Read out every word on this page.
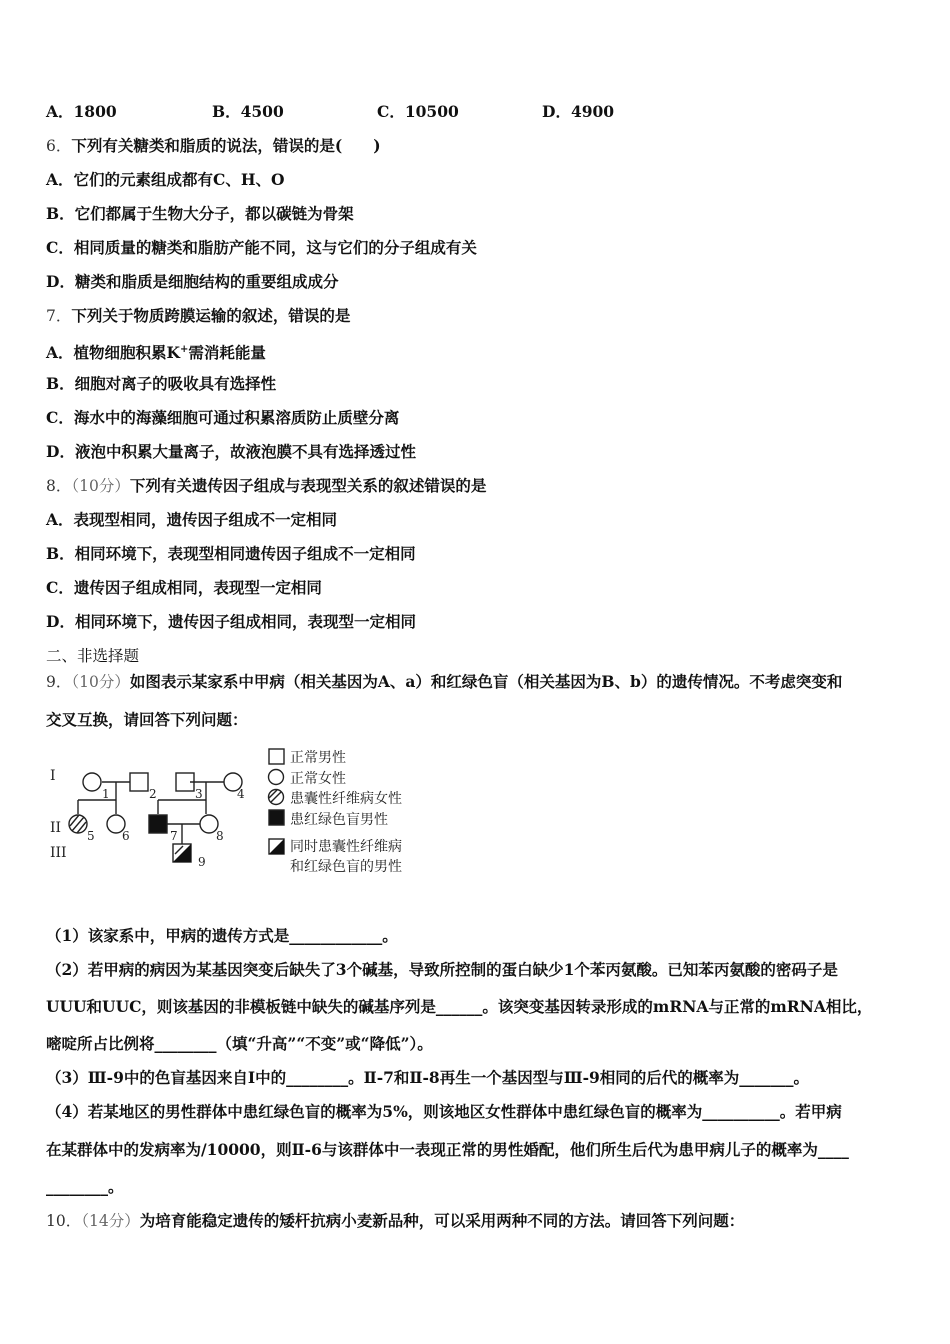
A．1800	B．4500	C．10500	D．4900
6．下列有关糖类和脂质的说法，错误的是(　　)
A．它们的元素组成都有C、H、O
B．它们都属于生物大分子，都以碳链为骨架
C．相同质量的糖类和脂肪产能不同，这与它们的分子组成有关
D．糖类和脂质是细胞结构的重要组成成分
7．下列关于物质跨膜运输的叙述，错误的是
A．植物细胞积累K+需消耗能量
B．细胞对离子的吸收具有选择性
C．海水中的海藻细胞可通过积累溶质防止质壁分离
D．液泡中积累大量离子，故液泡膜不具有选择透过性
8．（10分）下列有关遗传因子组成与表现型关系的叙述错误的是
A．表现型相同，遗传因子组成不一定相同
B．相同环境下，表现型相同遗传因子组成不一定相同
C．遗传因子组成相同，表现型一定相同
D．相同环境下，遗传因子组成相同，表现型一定相同
二、非选择题
9．（10分）如图表示某家系中甲病（相关基因为A、a）和红绿色盲（相关基因为B、b）的遗传情况。不考虑突变和
交叉互换，请回答下列问题：
I
II
III
1	2	3	4
5 6	7	8
9
正常男性
正常女性
患囊性纤维病女性
患红绿色盲男性
同时患囊性纤维病
和红绿色盲的男性
（1）该家系中，甲病的遗传方式是____________。
（2）若甲病的病因为某基因突变后缺失了3个碱基，导致所控制的蛋白缺少1个苯丙氨酸。已知苯丙氨酸的密码子是
UUU和UUC，则该基因的非模板链中缺失的碱基序列是______。该突变基因转录形成的mRNA与正常的mRNA相比，
嘧啶所占比例将________（填“升高”“不变”或“降低”）。
（3）Ⅲ-9中的色盲基因来自Ⅰ中的________。Ⅱ-7和Ⅱ-8再生一个基因型与Ⅲ-9相同的后代的概率为_______。
（4）若某地区的男性群体中患红绿色盲的概率为5%，则该地区女性群体中患红绿色盲的概率为__________。若甲病
在某群体中的发病率为/10000，则Ⅱ-6与该群体中一表现正常的男性婚配，他们所生后代为患甲病儿子的概率为____
________。
10．（14分）为培育能稳定遗传的矮杆抗病小麦新品种，可以采用两种不同的方法。请回答下列问题：
